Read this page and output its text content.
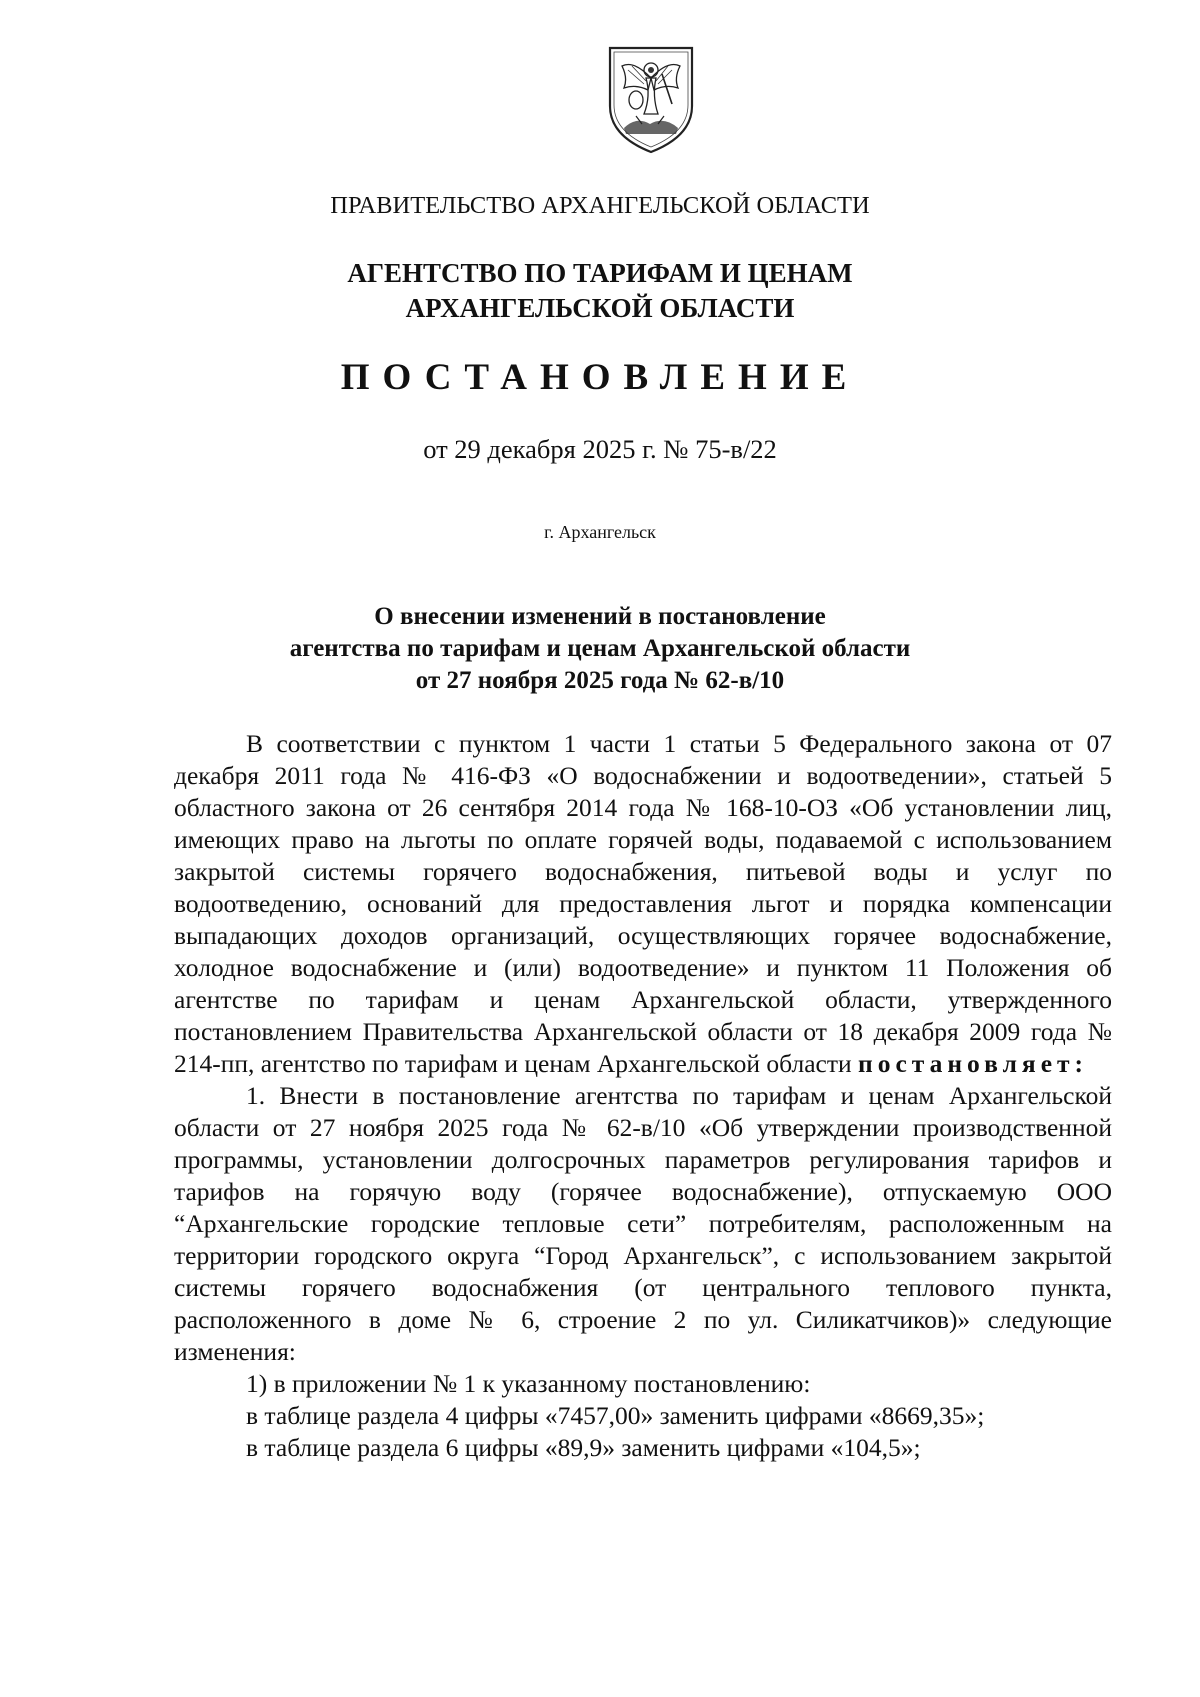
ПРАВИТЕЛЬСТВО АРХАНГЕЛЬСКОЙ ОБЛАСТИ
АГЕНТСТВО ПО ТАРИФАМ И ЦЕНАМ
АРХАНГЕЛЬСКОЙ ОБЛАСТИ
ПОСТАНОВЛЕНИЕ
от 29 декабря 2025 г. № 75-в/22
г. Архангельск
О внесении изменений в постановление
агентства по тарифам и ценам Архангельской области
от 27 ноября 2025 года № 62-в/10

В соответствии с пунктом 1 части 1 статьи 5 Федерального закона от 07 декабря 2011 года № 416-ФЗ «О водоснабжении и водоотведении», статьей 5 областного закона от 26 сентября 2014 года № 168-10-ОЗ «Об установлении лиц, имеющих право на льготы по оплате горячей воды, подаваемой с использованием закрытой системы горячего водоснабжения, питьевой воды и услуг по водоотведению, оснований для предоставления льгот и порядка компенсации выпадающих доходов организаций, осуществляющих горячее водоснабжение, холодное водоснабжение и (или) водоотведение» и пунктом 11 Положения об агентстве по тарифам и ценам Архангельской области, утвержденного постановлением Правительства Архангельской области от 18 декабря 2009 года № 214-пп, агентство по тарифам и ценам Архангельской области постановляет:

1. Внести в постановление агентства по тарифам и ценам Архангельской области от 27 ноября 2025 года № 62-в/10 «Об утверждении производственной программы, установлении долгосрочных параметров регулирования тарифов и тарифов на горячую воду (горячее водоснабжение), отпускаемую ООО “Архангельские городские тепловые сети” потребителям, расположенным на территории городского округа “Город Архангельск”, с использованием закрытой системы горячего водоснабжения (от центрального теплового пункта, расположенного в доме № 6, строение 2 по ул. Силикатчиков)» следующие изменения:

1) в приложении № 1 к указанному постановлению:

в таблице раздела 4 цифры «7457,00» заменить цифрами «8669,35»;

в таблице раздела 6 цифры «89,9» заменить цифрами «104,5»;
